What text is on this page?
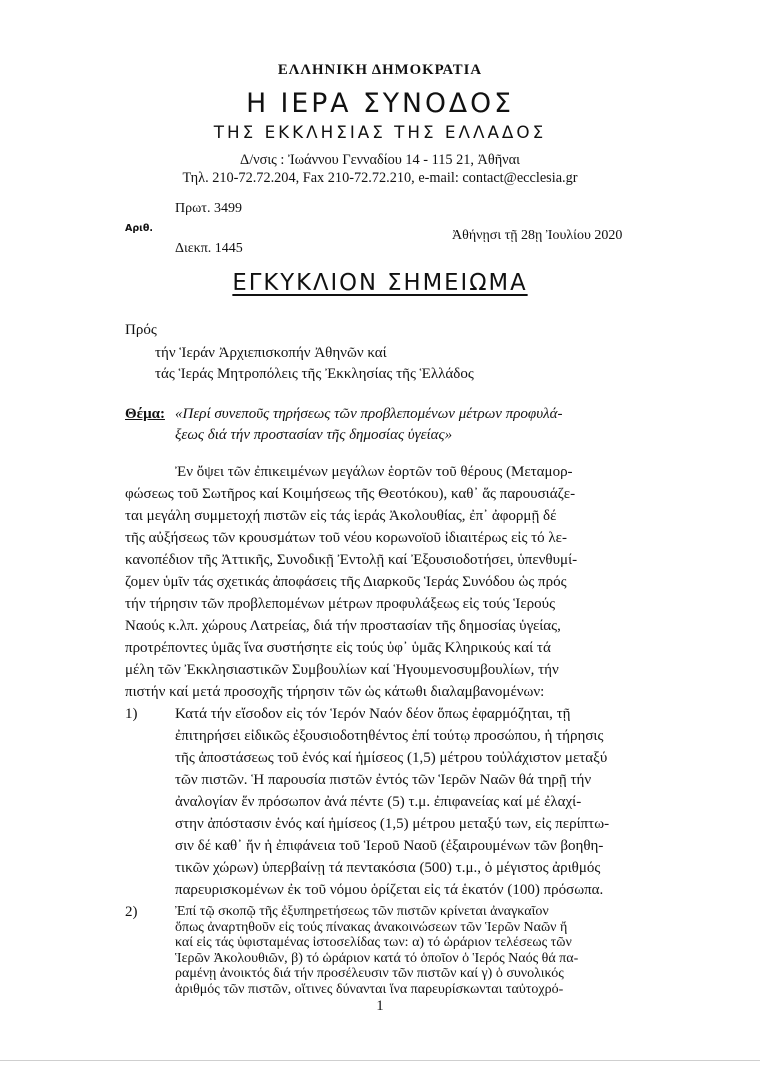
ΕΛΛΗΝΙΚΗ ΔΗΜΟΚΡΑΤΙΑ
Η ΙΕΡΑ ΣΥΝΟΔΟΣ
ΤΗΣ ΕΚΚΛΗΣΙΑΣ ΤΗΣ ΕΛΛΑΔΟΣ
Δ/νσις : Ἰωάννου Γενναδίου 14 - 115 21, Ἀθῆναι
Τηλ. 210-72.72.204, Fax 210-72.72.210, e-mail: contact@ecclesia.gr
Πρωτ. 3499
Αριθ.
Διεκπ. 1445
Ἀθήνῃσι τῇ 28ῃ Ἰουλίου 2020
ΕΓΚΥΚΛΙΟΝ ΣΗΜΕΙΩΜΑ
Πρός
τήν Ἱεράν Ἀρχιεπισκοπήν Ἀθηνῶν καί
τάς Ἱεράς Μητροπόλεις τῆς Ἐκκλησίας τῆς Ἑλλάδος
Θέμα: «Περί συνεποῦς τηρήσεως τῶν προβλεπομένων μέτρων προφυλά-
ξεως διά τήν προστασίαν τῆς δημοσίας ὑγείας»
Ἐν ὄψει τῶν ἐπικειμένων μεγάλων ἑορτῶν τοῦ θέρους (Μεταμορ-
φώσεως τοῦ Σωτῆρος καί Κοιμήσεως τῆς Θεοτόκου), καθ᾽ ἅς παρουσιάζε-
ται μεγάλη συμμετοχή πιστῶν εἰς τάς ἱεράς Ἀκολουθίας, ἐπ᾽ ἀφορμῇ δέ
τῆς αὐξήσεως τῶν κρουσμάτων τοῦ νέου κορωνοϊοῦ ἰδιαιτέρως εἰς τό λε-
κανοπέδιον τῆς Ἀττικῆς, Συνοδικῇ Ἐντολῇ καί Ἐξουσιοδοτήσει, ὑπενθυμί-
ζομεν ὑμῖν τάς σχετικάς ἀποφάσεις τῆς Διαρκοῦς Ἱεράς Συνόδου ὡς πρός
τήν τήρησιν τῶν προβλεπομένων μέτρων προφυλάξεως εἰς τούς Ἱερούς
Ναούς κ.λπ. χώρους Λατρείας, διά τήν προστασίαν τῆς δημοσίας ὑγείας,
προτρέποντες ὑμᾶς ἵνα συστήσητε εἰς τούς ὑφ᾽ ὑμᾶς Κληρικούς καί τά
μέλη τῶν Ἐκκλησιαστικῶν Συμβουλίων καί Ἡγουμενοσυμβουλίων, τήν
πιστήν καί μετά προσοχῆς τήρησιν τῶν ὡς κάτωθι διαλαμβανομένων:
1)	Κατά τήν εἴσοδον εἰς τόν Ἱερόν Ναόν δέον ὅπως ἐφαρμόζηται, τῇ
ἐπιτηρήσει εἰδικῶς ἐξουσιοδοτηθέντος ἐπί τούτῳ προσώπου, ἡ τήρησις
τῆς ἀποστάσεως τοῦ ἑνός καί ἡμίσεος (1,5) μέτρου τοὐλάχιστον μεταξύ
τῶν πιστῶν. Ἡ παρουσία πιστῶν ἐντός τῶν Ἱερῶν Ναῶν θά τηρῇ τήν
ἀναλογίαν ἕν πρόσωπον ἀνά πέντε (5) τ.μ. ἐπιφανείας καί μέ ἐλαχί-
στην ἀπόστασιν ἑνός καί ἡμίσεος (1,5) μέτρου μεταξύ των, εἰς περίπτω-
σιν δέ καθ᾽ ἥν ἡ ἐπιφάνεια τοῦ Ἱεροῦ Ναοῦ (ἐξαιρουμένων τῶν βοηθη-
τικῶν χώρων) ὑπερβαίνῃ τά πεντακόσια (500) τ.μ., ὁ μέγιστος ἀριθμός
παρευρισκομένων ἐκ τοῦ νόμου ὁρίζεται εἰς τά ἑκατόν (100) πρόσωπα.
2)
1
Ἐπί τῷ σκοπῷ τῆς ἐξυπηρετήσεως τῶν πιστῶν κρίνεται ἀναγκαῖον
ὅπως ἀναρτηθοῦν εἰς τούς πίνακας ἀνακοινώσεων τῶν Ἱερῶν Ναῶν ἤ
καί εἰς τάς ὑφισταμένας ἱστοσελίδας των: α) τό ὡράριον τελέσεως τῶν
Ἱερῶν Ἀκολουθιῶν, β) τό ὡράριον κατά τό ὁποῖον ὁ Ἱερός Ναός θά πα-
ραμένῃ ἀνοικτός διά τήν προσέλευσιν τῶν πιστῶν καί γ) ὁ συνολικός
ἀριθμός τῶν πιστῶν, οἵτινες δύνανται ἵνα παρευρίσκωνται ταὐτοχρό-
